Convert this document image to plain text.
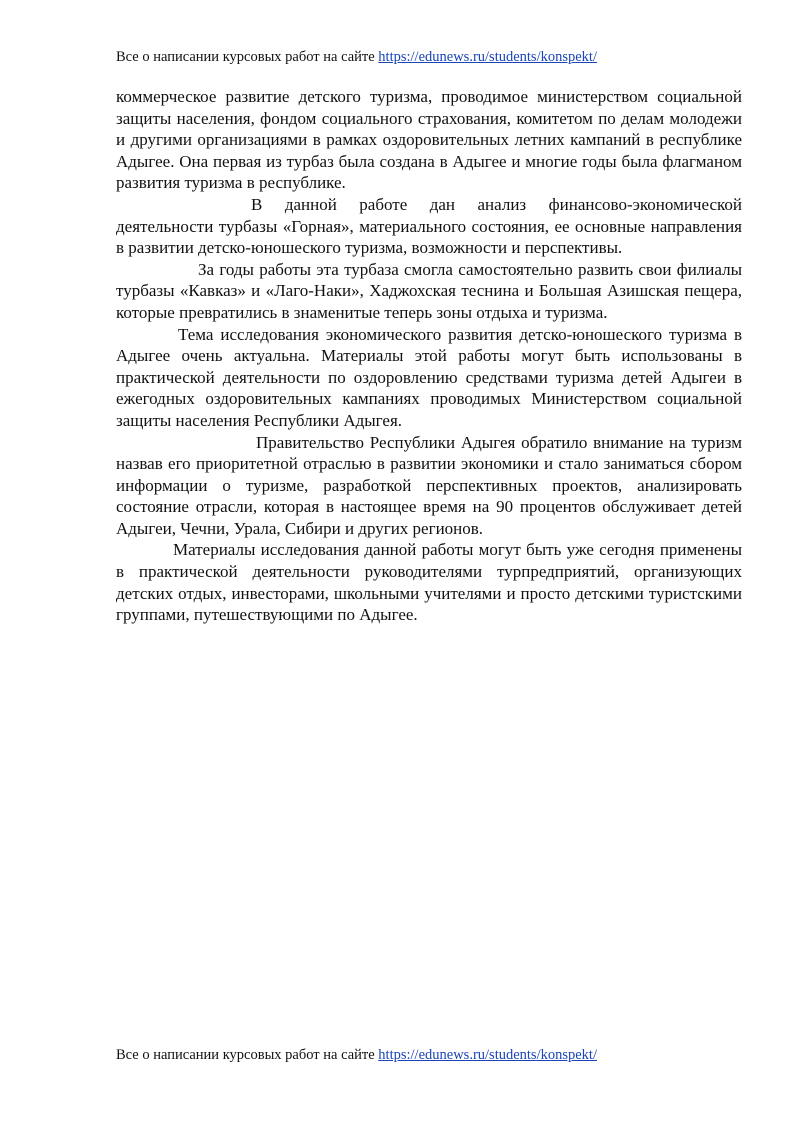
Все о написании курсовых работ на сайте https://edunews.ru/students/konspekt/

коммерческое развитие детского туризма, проводимое министерством социальной защиты населения, фондом социального страхования, комитетом по делам молодежи и другими организациями в рамках оздоровительных летних кампаний в республике Адыгее. Она первая из турбаз была создана в Адыгее и многие годы была флагманом развития туризма в республике.

В данной работе дан анализ финансово-экономической деятельности турбазы «Горная», материального состояния, ее основные направления в развитии детско-юношеского туризма, возможности и перспективы.

За годы работы эта турбаза смогла самостоятельно развить свои филиалы турбазы «Кавказ» и «Лаго-Наки», Хаджохская теснина и Большая Азишская пещера, которые превратились в знаменитые теперь зоны отдыха и туризма.

Тема исследования экономического развития детско-юношеского туризма в Адыгее очень актуальна. Материалы этой работы могут быть использованы в практической деятельности по оздоровлению средствами туризма детей Адыгеи в ежегодных оздоровительных кампаниях проводимых Министерством социальной защиты населения Республики Адыгея.

Правительство Республики Адыгея обратило внимание на туризм назвав его приоритетной отраслью в развитии экономики и стало заниматься сбором информации о туризме, разработкой перспективных проектов, анализировать состояние отрасли, которая в настоящее время на 90 процентов обслуживает детей Адыгеи, Чечни, Урала, Сибири и других регионов.

Материалы исследования данной работы могут быть уже сегодня применены в практической деятельности руководителями турпредприятий, организующих детских отдых, инвесторами, школьными учителями и просто детскими туристскими группами, путешествующими по Адыгее.

Все о написании курсовых работ на сайте https://edunews.ru/students/konspekt/
